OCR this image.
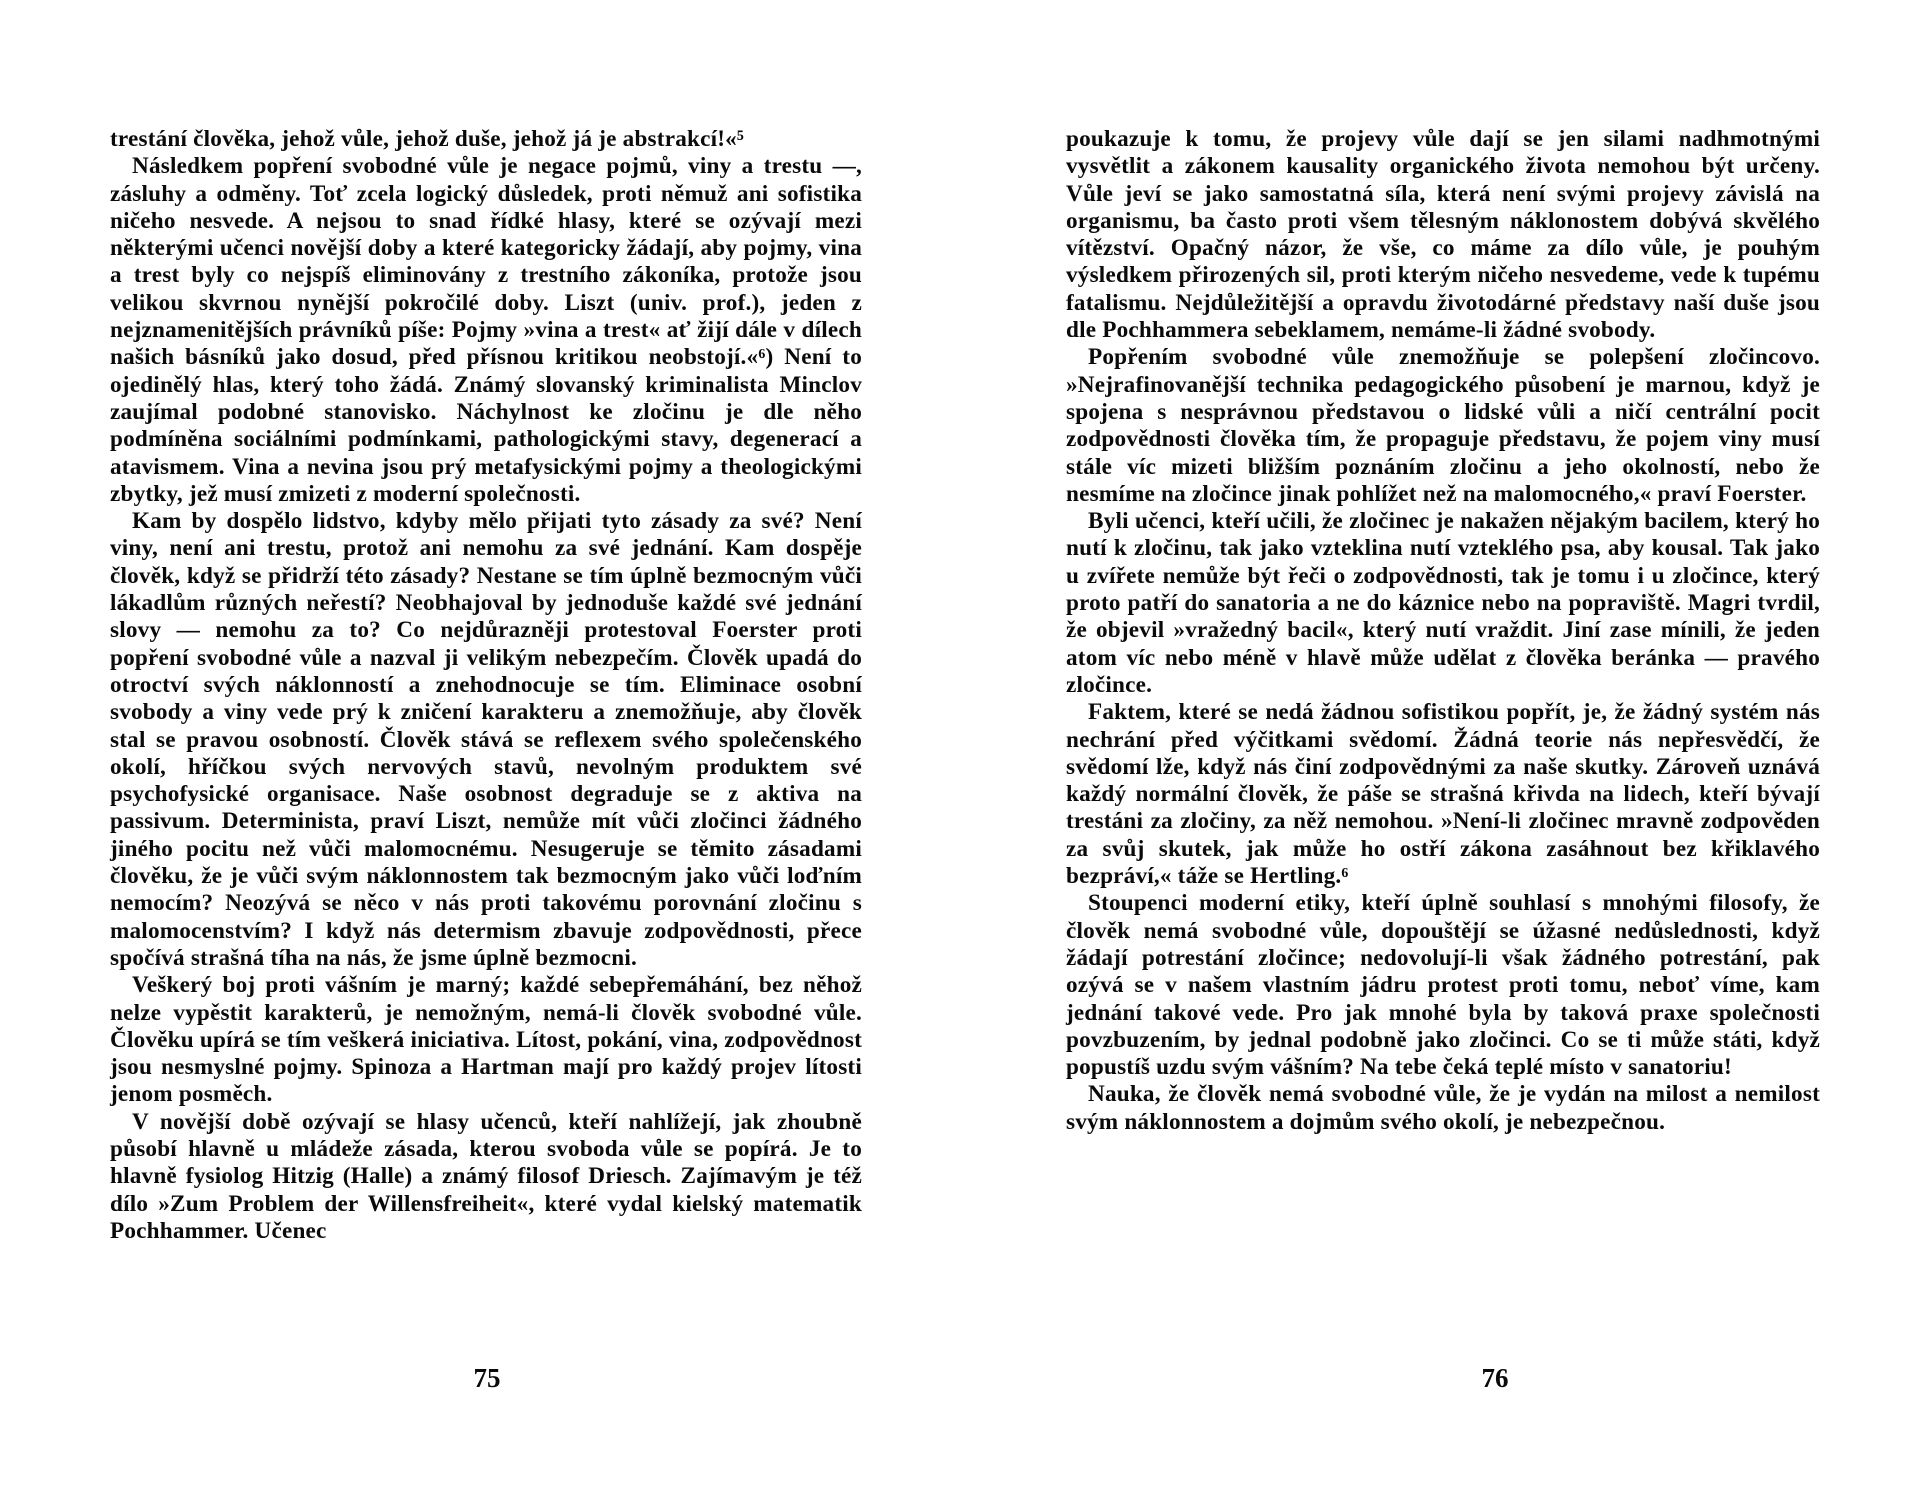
trestání člověka, jehož vůle, jehož duše, jehož já je abstrakcí!«⁵

Následkem popření svobodné vůle je negace pojmů, viny a trestu —, zásluhy a odměny. Toť zcela logický důsledek, proti němuž ani sofistika ničeho nesvede. A nejsou to snad řídké hlasy, které se ozývají mezi některými učenci novější doby a které kategoricky žádají, aby pojmy, vina a trest byly co nejspíš eliminovány z trestního zákoníka, protože jsou velikou skvrnou nynější pokročilé doby. Liszt (univ. prof.), jeden z nejznamenitějších právníků píše: Pojmy »vina a trest« ať žijí dále v dílech našich básníků jako dosud, před přísnou kritikou neobstojí.«⁶) Není to ojedinělý hlas, který toho žádá. Známý slovanský kriminalista Minclov zaujímal podobné stanovisko. Náchylnost ke zločinu je dle něho podmíněna sociálními podmínkami, pathologickými stavy, degenerací a atavismem. Vina a nevina jsou prý metafysickými pojmy a theologickými zbytky, jež musí zmizeti z moderní společnosti.

Kam by dospělo lidstvo, kdyby mělo přijati tyto zásady za své? Není viny, není ani trestu, protož ani nemohu za své jednání. Kam dospěje člověk, když se přidrží této zásady? Nestane se tím úplně bezmocným vůči lákadlům různých neřestí? Neobhajoval by jednoduše každé své jednání slovy — nemohu za to? Co nejdůrazněji protestoval Foerster proti popření svobodné vůle a nazval ji velikým nebezpečím. Člověk upadá do otroctví svých náklonností a znehodnocuje se tím. Eliminace osobní svobody a viny vede prý k zničení karakteru a znemožňuje, aby člověk stal se pravou osobností. Člověk stává se reflexem svého společenského okolí, hříčkou svých nervových stavů, nevolným produktem své psychofysické organisace. Naše osobnost degraduje se z aktiva na passivum. Determinista, praví Liszt, nemůže mít vůči zločinci žádného jiného pocitu než vůči malomocnému. Nesugeruje se těmito zásadami člověku, že je vůči svým náklonnostem tak bezmocným jako vůči loďním nemocím? Neozývá se něco v nás proti takovému porovnání zločinu s malomocenstvím? I když nás determism zbavuje zodpovědnosti, přece spočívá strašná tíha na nás, že jsme úplně bezmocni.

Veškerý boj proti vášním je marný; každé sebepřemáhání, bez něhož nelze vypěstit karakterů, je nemožným, nemá-li člověk svobodné vůle. Člověku upírá se tím veškerá iniciativa. Lítost, pokání, vina, zodpovědnost jsou nesmyslné pojmy. Spinoza a Hartman mají pro každý projev lítosti jenom posměch.

V novější době ozývají se hlasy učenců, kteří nahlížejí, jak zhoubně působí hlavně u mládeže zásada, kterou svoboda vůle se popírá. Je to hlavně fysiolog Hitzig (Halle) a známý filosof Driesch. Zajímavým je též dílo »Zum Problem der Willensfreiheit«, které vydal kielský matematik Pochhammer. Učenec

75

poukazuje k tomu, že projevy vůle dají se jen silami nadhmotnými vysvětlit a zákonem kausality organického života nemohou být určeny. Vůle jeví se jako samostatná síla, která není svými projevy závislá na organismu, ba často proti všem tělesným náklonostem dobývá skvělého vítězství. Opačný názor, že vše, co máme za dílo vůle, je pouhým výsledkem přirozených sil, proti kterým ničeho nesvedeme, vede k tupému fatalismu. Nejdůležitější a opravdu životodárné představy naší duše jsou dle Pochhammera sebeklamem, nemáme-li žádné svobody.

Popřením svobodné vůle znemožňuje se polepšení zločincovo. »Nejrafinovanější technika pedagogického působení je marnou, když je spojena s nesprávnou představou o lidské vůli a ničí centrální pocit zodpovědnosti člověka tím, že propaguje představu, že pojem viny musí stále víc mizeti bližším poznáním zločinu a jeho okolností, nebo že nesmíme na zločince jinak pohlížet než na malomocného,« praví Foerster.

Byli učenci, kteří učili, že zločinec je nakažen nějakým bacilem, který ho nutí k zločinu, tak jako vzteklina nutí vzteklého psa, aby kousal. Tak jako u zvířete nemůže být řeči o zodpovědnosti, tak je tomu i u zločince, který proto patří do sanatoria a ne do káznice nebo na popraviště. Magri tvrdil, že objevil »vražedný bacil«, který nutí vraždit. Jiní zase mínili, že jeden atom víc nebo méně v hlavě může udělat z člověka beránka — pravého zločince.

Faktem, které se nedá žádnou sofistikou popřít, je, že žádný systém nás nechrání před výčitkami svědomí. Žádná teorie nás nepřesvědčí, že svědomí lže, když nás činí zodpovědnými za naše skutky. Zároveň uznává každý normální člověk, že páše se strašná křivda na lidech, kteří bývají trestáni za zločiny, za něž nemohou. »Není-li zločinec mravně zodpověden za svůj skutek, jak může ho ostří zákona zasáhnout bez křiklavého bezpráví,« táže se Hertling.⁶

Stoupenci moderní etiky, kteří úplně souhlasí s mnohými filosofy, že člověk nemá svobodné vůle, dopouštějí se úžasné nedůslednosti, když žádají potrestání zločince; nedovolují-li však žádného potrestání, pak ozývá se v našem vlastním jádru protest proti tomu, neboť víme, kam jednání takové vede. Pro jak mnohé byla by taková praxe společnosti povzbuzením, by jednal podobně jako zločinci. Co se ti může státi, když popustíš uzdu svým vášním? Na tebe čeká teplé místo v sanatoriu!

Nauka, že člověk nemá svobodné vůle, že je vydán na milost a nemilost svým náklonnostem a dojmům svého okolí, je nebezpečnou.

76
